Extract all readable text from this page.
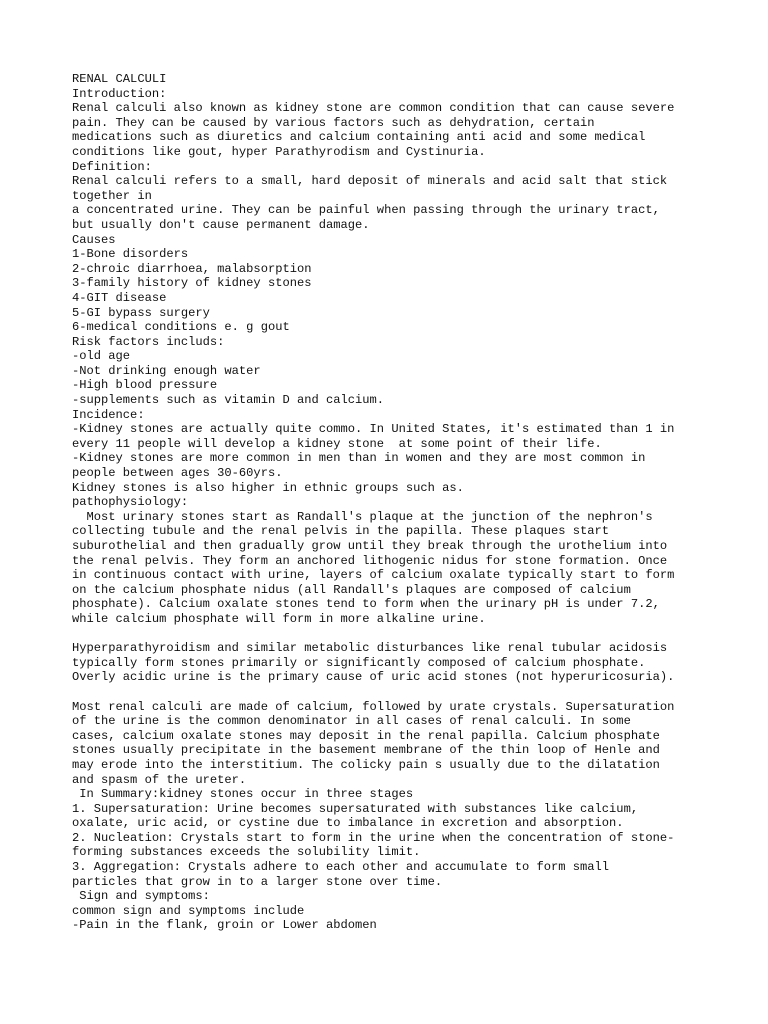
RENAL CALCULI
Introduction:
Renal calculi also known as kidney stone are common condition that can cause severe
pain. They can be caused by various factors such as dehydration, certain
medications such as diuretics and calcium containing anti acid and some medical
conditions like gout, hyper Parathyrodism and Cystinuria.
Definition:
Renal calculi refers to a small, hard deposit of minerals and acid salt that stick
together in
a concentrated urine. They can be painful when passing through the urinary tract,
but usually don't cause permanent damage.
Causes
1-Bone disorders
2-chroic diarrhoea, malabsorption
3-family history of kidney stones
4-GIT disease
5-GI bypass surgery
6-medical conditions e. g gout
Risk factors includs:
-old age
-Not drinking enough water
-High blood pressure
-supplements such as vitamin D and calcium.
Incidence:
-Kidney stones are actually quite commo. In United States, it's estimated than 1 in
every 11 people will develop a kidney stone  at some point of their life.
-Kidney stones are more common in men than in women and they are most common in
people between ages 30-60yrs.
Kidney stones is also higher in ethnic groups such as.
pathophysiology:
Most urinary stones start as Randall's plaque at the junction of the nephron's
collecting tubule and the renal pelvis in the papilla. These plaques start
suburothelial and then gradually grow until they break through the urothelium into
the renal pelvis. They form an anchored lithogenic nidus for stone formation. Once
in continuous contact with urine, layers of calcium oxalate typically start to form
on the calcium phosphate nidus (all Randall's plaques are composed of calcium
phosphate). Calcium oxalate stones tend to form when the urinary pH is under 7.2,
while calcium phosphate will form in more alkaline urine.
Hyperparathyroidism and similar metabolic disturbances like renal tubular acidosis
typically form stones primarily or significantly composed of calcium phosphate.
Overly acidic urine is the primary cause of uric acid stones (not hyperuricosuria).
Most renal calculi are made of calcium, followed by urate crystals. Supersaturation
of the urine is the common denominator in all cases of renal calculi. In some
cases, calcium oxalate stones may deposit in the renal papilla. Calcium phosphate
stones usually precipitate in the basement membrane of the thin loop of Henle and
may erode into the interstitium. The colicky pain s usually due to the dilatation
and spasm of the ureter.
In Summary:kidney stones occur in three stages
1. Supersaturation: Urine becomes supersaturated with substances like calcium,
oxalate, uric acid, or cystine due to imbalance in excretion and absorption.
2. Nucleation: Crystals start to form in the urine when the concentration of stone-
forming substances exceeds the solubility limit.
3. Aggregation: Crystals adhere to each other and accumulate to form small
particles that grow in to a larger stone over time.
Sign and symptoms:
common sign and symptoms include
-Pain in the flank, groin or Lower abdomen
